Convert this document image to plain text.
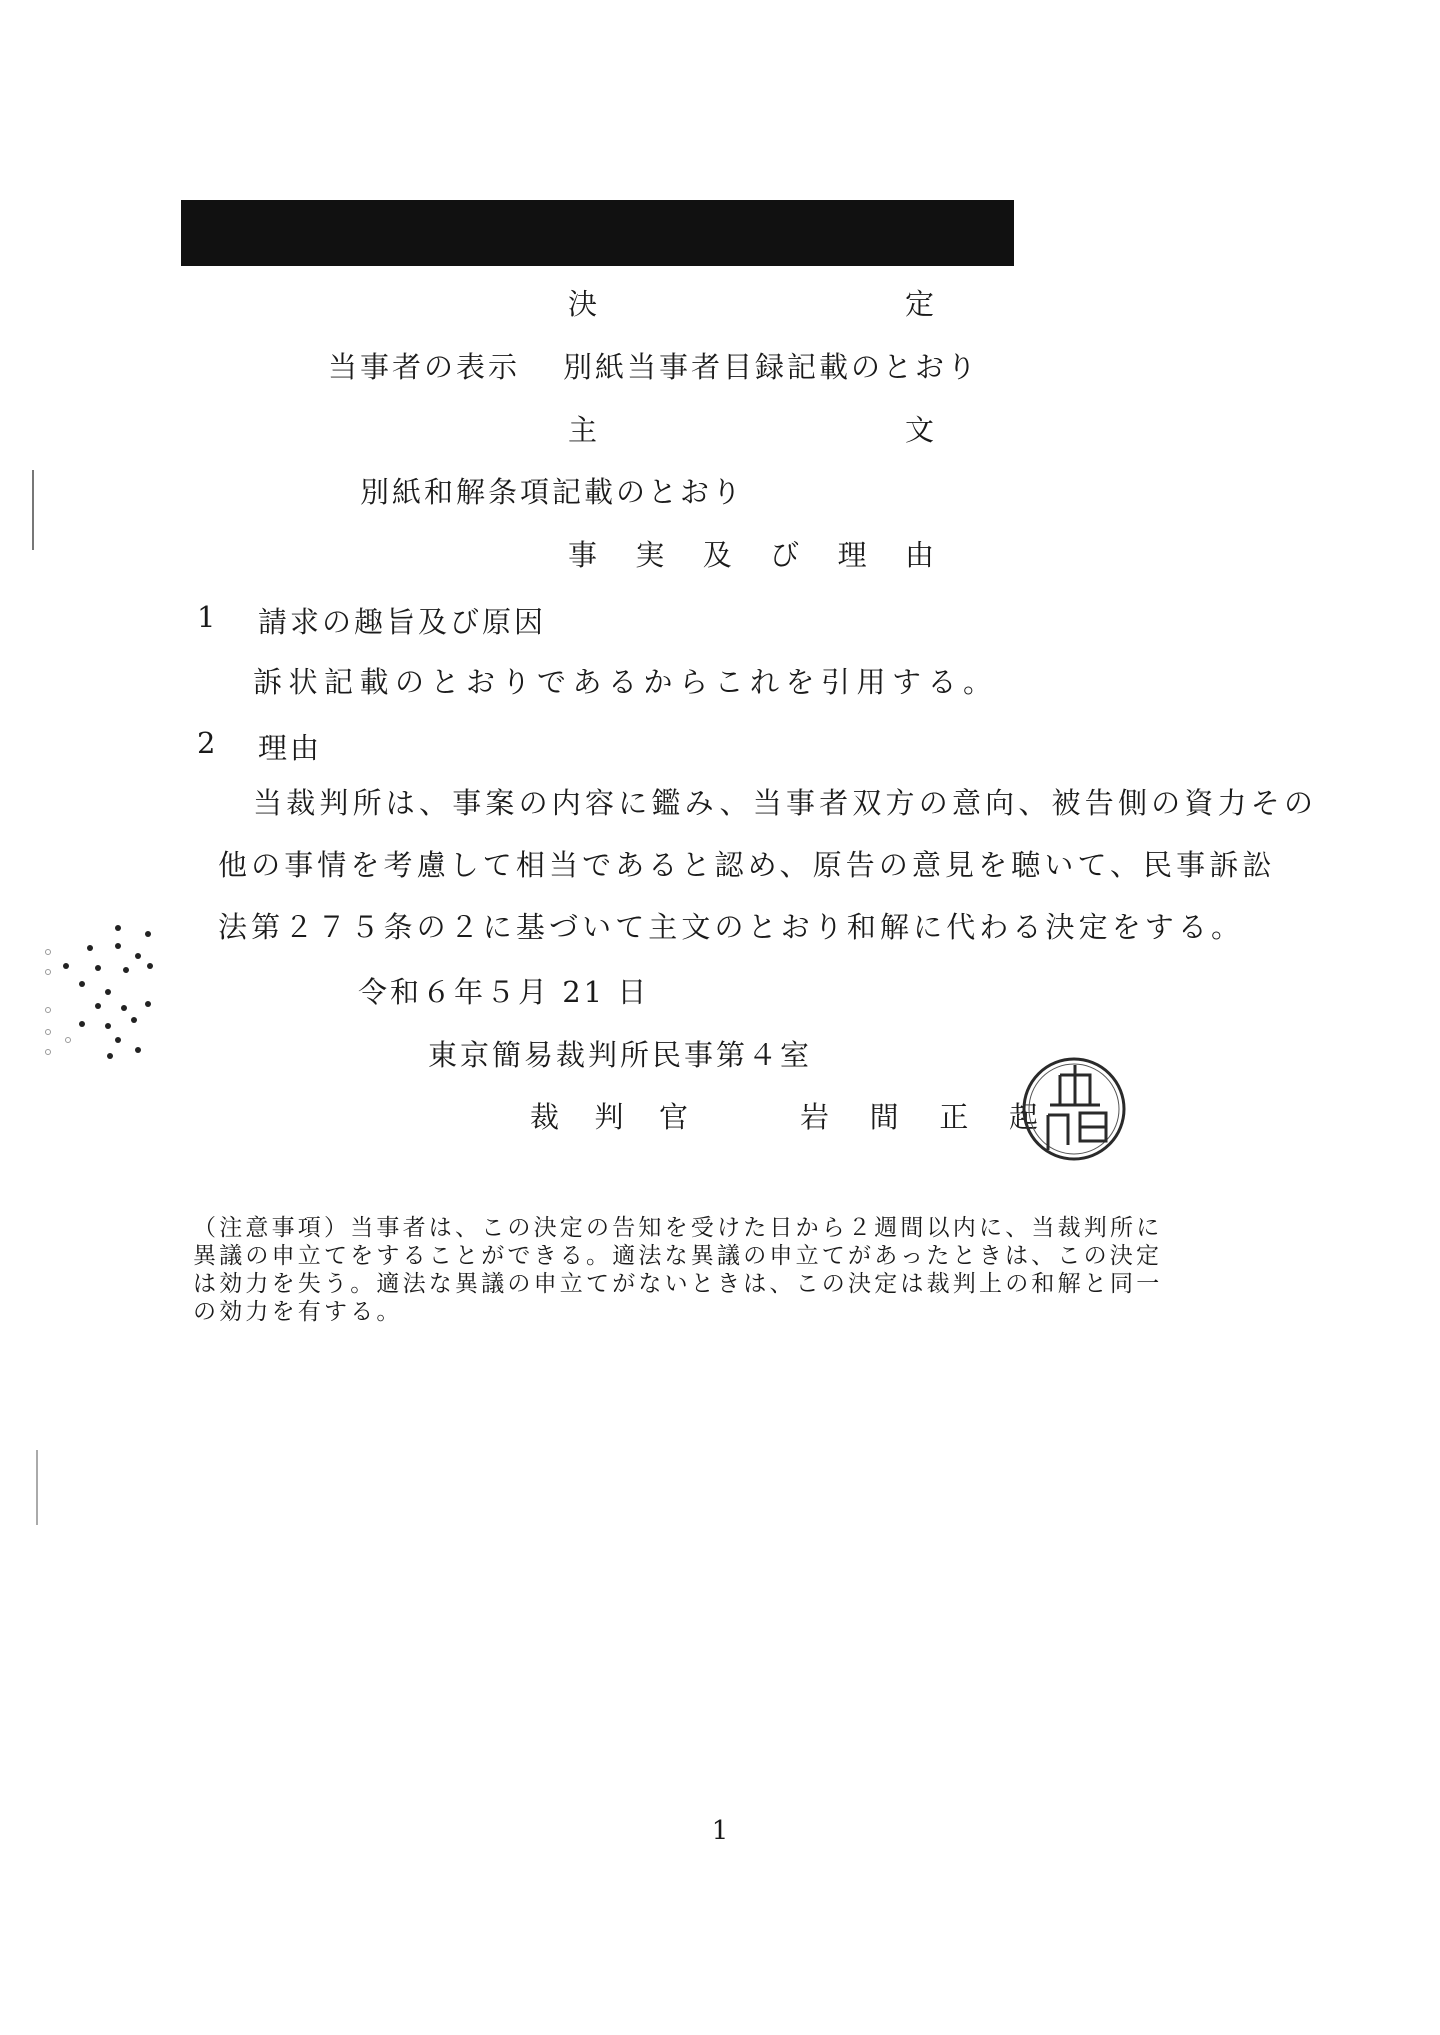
決	定
当事者の表示 別紙当事者目録記載のとおり
主	文
別紙和解条項記載のとおり
事 実 及 び 理 由
1 請求の趣旨及び原因
訴状記載のとおりであるからこれを引用する。
2 理由
当裁判所は、事案の内容に鑑み、当事者双方の意向、被告側の資力その
他の事情を考慮して相当であると認め、原告の意見を聴いて、民事訴訟
法第２７５条の２に基づいて主文のとおり和解に代わる決定をする。
令和６年５月 21 日
東京簡易裁判所民事第４室
裁 判 官	岩 間 正 起
（注意事項）当事者は、この決定の告知を受けた日から２週間以内に、当裁判所に
異議の申立てをすることができる。適法な異議の申立てがあったときは、この決定
は効力を失う。適法な異議の申立てがないときは、この決定は裁判上の和解と同一
の効力を有する。
1
